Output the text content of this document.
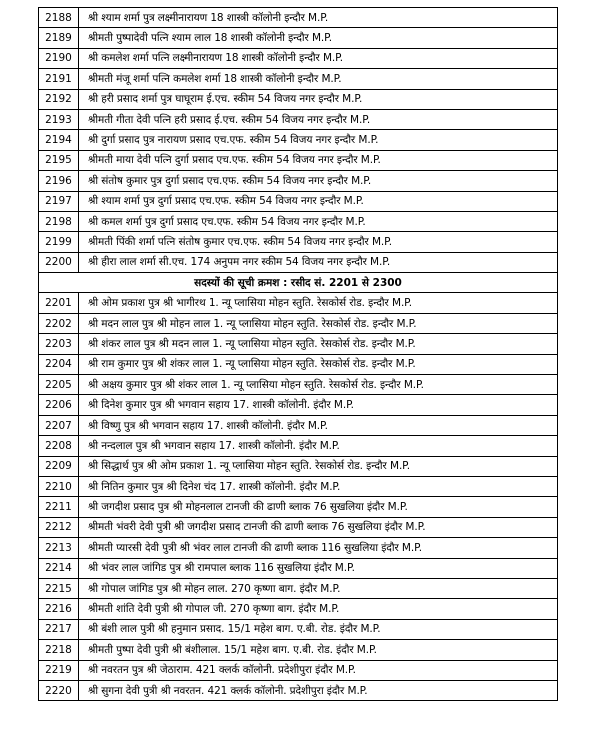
2188	श्री श्याम शर्मा पुत्र लक्ष्मीनारायण 18 शास्त्री कॉलोनी इन्दौर M.P.
2189	श्रीमती पुष्पादेवी पत्नि श्याम लाल 18 शास्त्री कॉलोनी इन्दौर M.P.
2190	श्री कमलेश शर्मा पत्नि लक्ष्मीनारायण 18 शास्त्री कॉलोनी इन्दौर M.P.
2191	श्रीमती मंजू शर्मा पत्नि कमलेश शर्मा 18 शास्त्री कॉलोनी इन्दौर M.P.
2192	श्री हरी प्रसाद शर्मा पुत्र घाघूराम ई.एच. स्कीम 54 विजय नगर इन्दौर M.P.
2193	श्रीमती गीता देवी पत्नि हरी प्रसाद ई.एच. स्कीम 54 विजय नगर इन्दौर M.P.
2194	श्री दुर्गा प्रसाद पुत्र नारायण प्रसाद एच.एफ. स्कीम 54 विजय नगर इन्दौर M.P.
2195	श्रीमती माया देवी पत्नि दुर्गा प्रसाद एच.एफ. स्कीम 54 विजय नगर इन्दौर M.P.
2196	श्री संतोष कुमार पुत्र दुर्गा प्रसाद एच.एफ. स्कीम 54 विजय नगर इन्दौर M.P.
2197	श्री श्याम शर्मा पुत्र दुर्गा प्रसाद एच.एफ. स्कीम 54 विजय नगर इन्दौर M.P.
2198	श्री कमल शर्मा पुत्र दुर्गा प्रसाद एच.एफ. स्कीम 54 विजय नगर इन्दौर M.P.
2199	श्रीमती पिंकी शर्मा पत्नि संतोष कुमार एच.एफ. स्कीम 54 विजय नगर इन्दौर M.P.
2200	श्री हीरा लाल शर्मा सी.एच. 174 अनुपम नगर स्कीम 54 विजय नगर इन्दौर M.P.
सदस्यों की सूची क्रमश : रसीद सं. 2201 से 2300	
2201	श्री ओम प्रकाश पुत्र श्री भागीरथ 1. न्यू प्लासिया मोहन स्तुति. रेसकोर्स रोड. इन्दौर M.P.
2202	श्री मदन लाल पुत्र श्री मोहन लाल 1. न्यू प्लासिया मोहन स्तुति. रेसकोर्स रोड. इन्दौर M.P.
2203	श्री शंकर लाल पुत्र श्री मदन लाल 1. न्यू प्लासिया मोहन स्तुति. रेसकोर्स रोड. इन्दौर M.P.
2204	श्री राम कुमार पुत्र श्री शंकर लाल 1. न्यू प्लासिया मोहन स्तुति. रेसकोर्स रोड. इन्दौर M.P.
2205	श्री अक्षय कुमार पुत्र श्री शंकर लाल 1. न्यू प्लासिया मोहन स्तुति. रेसकोर्स रोड. इन्दौर M.P.
2206	श्री दिनेश कुमार पुत्र श्री भगवान सहाय 17. शास्त्री कॉलोनी. इंदौर M.P.
2207	श्री विष्णु पुत्र श्री भगवान सहाय 17. शास्त्री कॉलोनी. इंदौर M.P.
2208	श्री नन्दलाल पुत्र श्री भगवान सहाय 17. शास्त्री कॉलोनी. इंदौर M.P.
2209	श्री सिद्धार्थ पुत्र श्री ओम प्रकाश 1. न्यू प्लासिया मोहन स्तुति. रेसकोर्स रोड. इन्दौर M.P.
2210	श्री नितिन कुमार पुत्र श्री दिनेश चंद 17. शास्त्री कॉलोनी. इंदौर M.P.
2211	श्री जगदीश प्रसाद पुत्र श्री मोहनलाल टानजी की ढाणी ब्लाक 76 सुखलिया इंदौर M.P.
2212	श्रीमती भंवरी देवी पुत्री श्री जगदीश प्रसाद टानजी की ढाणी ब्लाक 76 सुखलिया इंदौर M.P.
2213	श्रीमती प्यारसी देवी पुत्री श्री भंवर लाल टानजी की ढाणी ब्लाक 116 सुखलिया इंदौर M.P.
2214	श्री भंवर लाल जांगिड पुत्र श्री रामपाल ब्लाक 116 सुखलिया इंदौर M.P.
2215	श्री गोपाल जांगिड पुत्र श्री मोहन लाल. 270 कृष्णा बाग. इंदौर M.P.
2216	श्रीमती शांति देवी पुत्री श्री गोपाल जी. 270 कृष्णा बाग. इंदौर M.P.
2217	श्री बंशी लाल पुत्री श्री हनुमान प्रसाद. 15/1 महेश बाग. ए.बी. रोड. इंदौर M.P.
2218	श्रीमती पुष्पा देवी पुत्री श्री बंशीलाल. 15/1 महेश बाग. ए.बी. रोड. इंदौर M.P.
2219	श्री नवरतन पुत्र श्री जेठाराम. 421 क्लर्क कॉलोनी. प्रदेशीपुरा इंदौर M.P.
2220	श्री सुगना देवी पुत्री श्री नवरतन. 421 क्लर्क कॉलोनी. प्रदेशीपुरा इंदौर M.P.
